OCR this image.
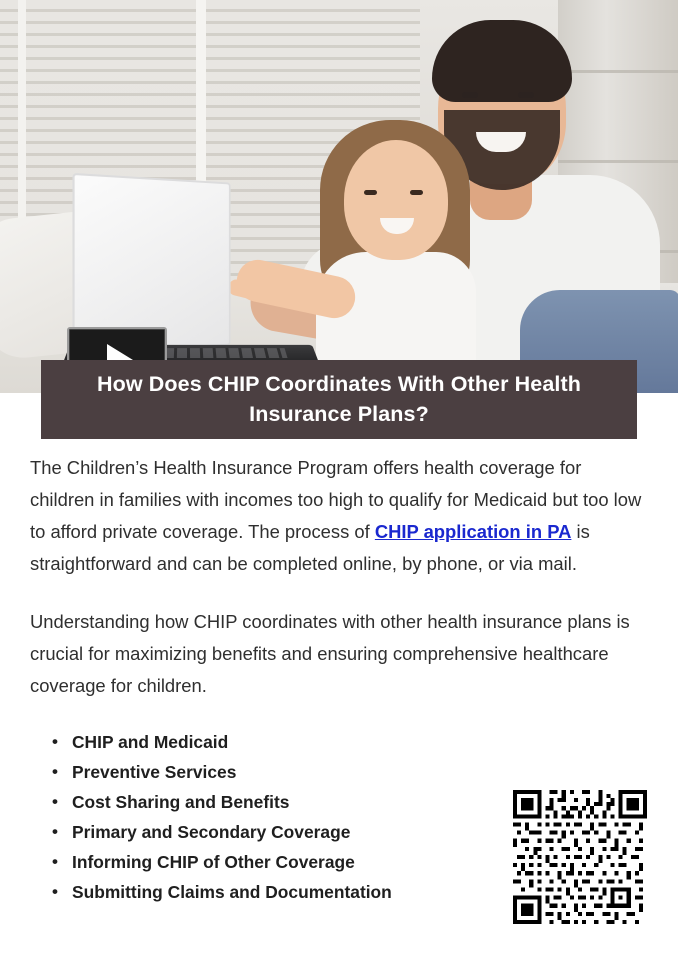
How Does CHIP Coordinates With Other Health Insurance Plans?

The Children’s Health Insurance Program offers health coverage for children in families with incomes too high to qualify for Medicaid but too low to afford private coverage. The process of CHIP application in PA is straightforward and can be completed online, by phone, or via mail.

Understanding how CHIP coordinates with other health insurance plans is crucial for maximizing benefits and ensuring comprehensive healthcare coverage for children.

• CHIP and Medicaid
• Preventive Services
• Cost Sharing and Benefits
• Primary and Secondary Coverage
• Informing CHIP of Other Coverage
• Submitting Claims and Documentation
